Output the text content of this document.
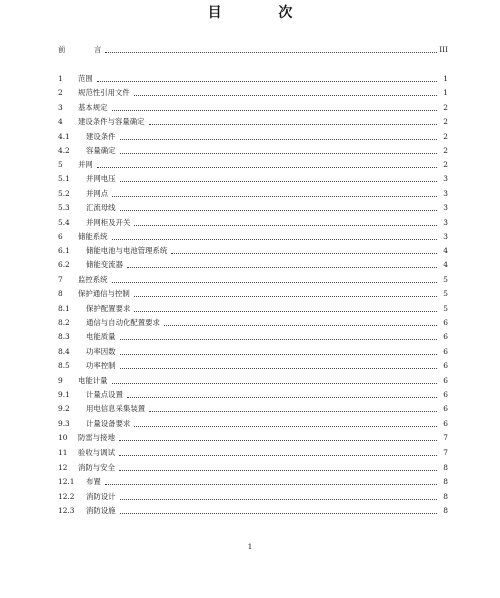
目 次
前	言	III
1	范围	1
2	规范性引用文件	1
3	基本规定	2
4	建设条件与容量确定	2
4.1	建设条件	2
4.2	容量确定	2
5	并网	2
5.1	并网电压	3
5.2	并网点	3
5.3	汇流母线	3
5.4	并网柜及开关	3
6	储能系统	3
6.1	储能电池与电池管理系统	4
6.2	储能变流器	4
7	监控系统	5
8	保护通信与控制	5
8.1	保护配置要求	5
8.2	通信与自动化配置要求	6
8.3	电能质量	6
8.4	功率因数	6
8.5	功率控制	6
9	电能计量	6
9.1	计量点设置	6
9.2	用电信息采集装置	6
9.3	计量设备要求	6
10	防雷与接地	7
11	验收与调试	7
12	消防与安全	8
12.1	布置	8
12.2	消防设计	8
12.3	消防设施	8
1
